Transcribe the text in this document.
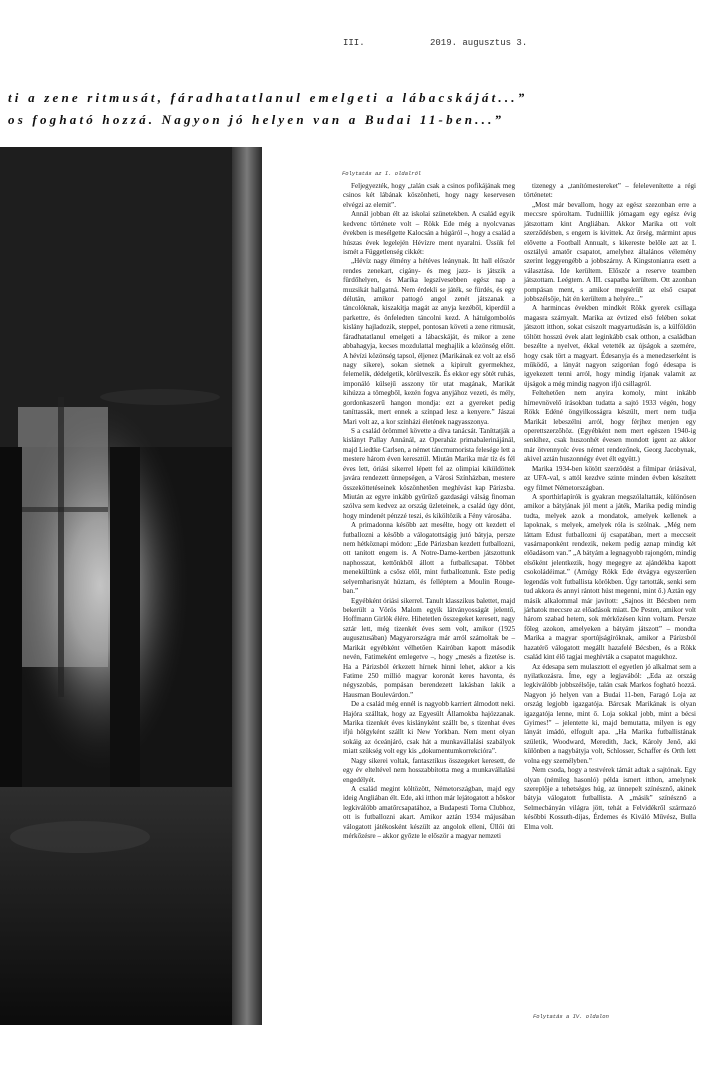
III.	2019. augusztus 3.
ti a zene ritmusát, fáradhatatlanul emelgeti a lábacskáját...”
os fogható hozzá. Nagyon jó helyen van a Budai 11-ben...”
Folytatás az I. oldalról

Feljegyezték, hogy „talán csak a csinos pofikájának meg csinos két lábának köszönheti, hogy nagy keservesen elvégzi az elemit”.

Annál jobban élt az iskolai szünetekben. A család egyik kedvenc története volt – Rökk Ede még a nyolcvanas években is mesélgette Kalocsán a húgáról –, hogy a család a húszas évek legelején Hévízre ment nyaralni. Üssük fel ismét a Függetlenség cikkét:

„Hévíz nagy élmény a hétéves leánynak. Itt hall először rendes zenekart, cigány- és meg jazz- is játszik a fürdőhelyen, és Marika legszívesebben egész nap a muzsikát hallgatná. Nem érdekli se játék, se fürdés, és egy délután, amikor pattogó angol zenét játszanak a táncolóknak, kiszakítja magát az anyja kezéből, kiperdül a parkettre, és önfeledten táncolni kezd. A hátulgombolós kislány hajladozik, steppel, pontosan követi a zene ritmusát, fáradhatatlanul emelgeti a lábacskáját, és mikor a zene abbahagyja, kecses mozdulattal meghajlik a közönség előtt. A hévízi közönség tapsol, éljenez (Marikának ez volt az első nagy sikere), sokan sietnek a kipirult gyermekhez, felemelik, dédelgetik, körülveszik. És ekkor egy sötét ruhás, imponáló külsejű asszony tör utat magának, Marikát kihúzza a tömegből, kezén fogva anyjához vezeti, és mély, gordonkaszerű hangon mondja: ezt a gyereket pedig taníttassák, mert ennek a színpad lesz a kenyere.” Jászai Mari volt az, a kor színházi életének nagyasszonya.

S a család örömmel követte a díva tanácsát. Taníttatják a kislányt Pallay Annánál, az Operaház primabalerinájánál, majd Liedtke Carlsen, a német táncmumorista felesége lett a mestere három éven keresztül. Miután Marika már tíz és fél éves lett, óriási sikerrel lépett fel az olimpiai kiküldöttek javára rendezett ünnepségen, a Városi Színházban, mestere összeköttetéseinek köszönhetően meghívást kap Párizsba. Miután az egyre inkább gyűrűző gazdasági válság finoman szólva sem kedvez az ország üzleteinek, a család úgy dönt, hogy mindenét pénzzé teszi, és kiköltözik a Fény városába.

A primadonna később azt mesélte, hogy ott kezdett el futballozni a később a válogatottságig jutó bátyja, persze nem hétköznapi módon: „Ede Párizsban kezdett futballozni, ott tanított engem is. A Notre-Dame-kertben játszottunk naphosszat, kettőnkből állott a futballcsapat. Többet meneküItünk a csősz elől, mint futballoztunk. Este pedig selyemharisnyát húztam, és felléptem a Moulin Rouge-ban.”

Egyébként óriási sikerrel. Tanult klasszikus balettet, majd bekerült a Vörös Malom egyik látványosságát jelentő, Hoffmann Girlök élére. Hihetetlen összegeket keresett, nagy sztár lett, még tizenkét éves sem volt, amikor (1925 augusztusában) Magyarországra már arról számoltak be – Marikát egyébként vélhetően Kairóban kapott második nevén, Fatimeként emlegetve –, hogy „mesés a fizetése is. Ha a Párizsból érkezett hírnek hinni lehet, akkor a kis Fatime 250 millió magyar koronát keres havonta, és négyszobás, pompásan berendezett lakásban lakik a Hausman Boulevárdon.”

De a család még ennél is nagyobb karriert álmodott neki. Hajóra szálltak, hogy az Egyesült Államokba hajózzanak. Marika tizenkét éves kislányként szállt be, s tizenhat éves ifjú hölgyként szállt ki New Yorkban. Nem ment olyan sokáig az óceánjáró, csak hát a munkavállalási szabályok miatt szükség volt egy kis „dokumentumkorrekcióra”.

Nagy sikerei voltak, fantasztikus összegeket keresett, de egy év elteltével nem hosszabbította meg a munkavállalási engedélyét.

A család megint költözött, Németországban, majd egy ideig Angliában élt. Ede, aki itthon már lejátogatott a hőskor legkiválóbb amatőrcsapatához, a Budapesti Torna Clubhoz, ott is futballozni akart. Amikor aztán 1934 májusában válogatott játékosként készült az angolok elleni, Üllői úti mérkőzésre – akkor győzte le először a magyar nemzeti

tizenegy a „tanítómestereket” – felelevenítette a régi történetet:

„Most már bevallom, hogy az egész szezonban erre a meccsre spóroltam. Tudniillik jómagam egy egész évig játszottam kint Angliában. Akkor Marika ott volt szerződésben, s engem is kivittek. Az őrség, mármint apus elővette a Football Annualt, s kikereste belőle azt az I. osztályú amatőr csapatot, amelyhez általános vélemény szerint leggyengébb a jobbszárny. A Kingstonianra esett a választása. Ide kerültem. Először a reserve teamben játszottam. Leégtem. A III. csapatba kerültem. Ott azonban pompásan ment, s amikor megsérült az első csapat jobbszélsője, hát én kerültem a helyére...”

A harmincas években mindkét Rökk gyerek csillaga magasra szárnyalt. Marika az évtized első felében sokat játszott itthon, sokat csiszolt magyartudásán is, a külföldön töltött hosszú évek alatt leginkább csak otthon, a családban beszélte a nyelvet, ékkal vetették az újságok a szemére, hogy csak tört a magyart. Édesanyja és a menedzserként is működő, a lányát nagyon szigorúan fogó édesapa is igyekezett tenni arról, hogy mindig írjanak valamit az újságok a még mindig nagyon ifjú csillagról.

Feltehetően nem anyira komoly, mint inkább hírnevnövelő írásokban tudatta a sajtó 1933 végén, hogy Rökk Edéné öngyilkosságra készült, mert nem tudja Marikát lebeszélni arról, hogy férjhez menjen egy operettszerzőhöz. (Egyébként nem mert egészen 1940-ig senkihez, csak huszonhét évesen mondott igent az akkor már ötvennyolc éves német rendezőnek, Georg Jacobynak, akivel aztán huszonnégy évet élt együtt.)

Marika 1934-ben kötött szerződést a filmipar óriásával, az UFA-val, s attól kezdve szinte minden évben készített egy filmet Németországban.

A sporthírlapírók is gyakran megszólaltatták, különösen amikor a bátyjának jól ment a játék, Marika pedig mindig tudta, melyek azok a mondatok, amelyek kellenek a lapoknak, s melyek, amelyek róla is szólnak. „Még nem láttam Edust futballozni új csapatában, mert a meccseit vasárnaponként rendezik, nekem pedig aznap mindig két előadásom van.” „A bátyám a legnagyobb rajongóm, mindig elsőként jelentkezik, hogy megegye az ajándékba kapott csokoládéimat.” (Amúgy Rökk Ede étvágya egyszerűen legendás volt futballista körökben. Úgy tartották, senki sem tud akkora és annyi rántott húst megenni, mint ő.) Aztán egy másik alkalommal már javított: „Sajnos itt Bécsben nem járhatok meccsre az előadások miatt. De Pesten, amikor volt három szabad hetem, sok mérkőzésen kinn voltam. Persze főleg azokon, amelyeken a bátyám játszott” – mondta Marika a magyar sportújságíróknak, amikor a Párizsból hazatérő válogatott megállt hazafelé Bécsben, és a Rökk család kint élő tagjai meghívták a csapatot magukhoz.

Az édesapa sem mulasztott el egyetlen jó alkalmat sem a nyilatkozásra. Íme, egy a legjavából: „Eda az ország legkiválóbb jobbszélsője, talán csak Markos fogható hozzá. Nagyon jó helyen van a Budai 11-ben, Faragó Loja az ország legjobb igazgatója. Bárcsak Marikának is olyan igazgatója lenne, mint ő. Loja sokkal jobb, mint a bécsi Gyimes!” – jelentette ki, majd bemutatta, milyen is egy lányát imádó, elfogult apa. „Ha Marika futballistának születik, Woodward, Meredith, Jack, Károly Jenő, aki különben a nagybátyja volt, Schlosser, Schaffer és Orth lett volna egy személyben.”

Nem csoda, hogy a testvérek támát adtak a sajtónak. Egy olyan (némileg hasonló) példa ismert itthon, amelynek szereplője a tehetséges húg, az ünnepelt színésznő, akinek bátyja válogatott futballista. A „másik” színésznő a Selmecbányán világra jött, tehát a Felvidékről származó későbbi Kossuth-díjas, Érdemes és Kiváló Művész, Bulla Elma volt.

Folytatás a IV. oldalon
